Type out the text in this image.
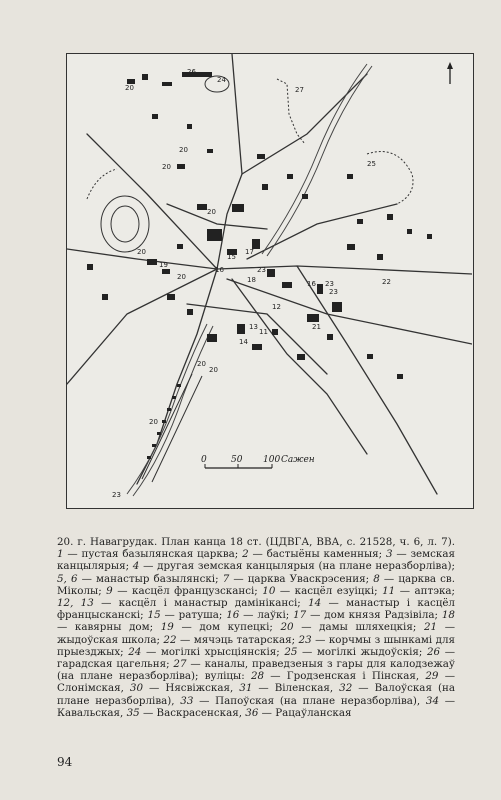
0	50 100 Сажен
26
24
20
20
20	25
27
20
20
19
20
22
17
15
16	23
18	16 23
23
12
13
11
14
21
20
20
20
23
20. г. Навагрудак. План канца 18 ст. (ЦДВГА, ВВА, с. 21528, ч. 6, л. 7). 1 — пустая базылянская царква; 2 — бастыёны каменныя; 3 — земская канцылярыя; 4 — другая земская канцылярыя (на плане неразборліва); 5, 6 — манастыр базылянскі; 7 — царква Уваскрэсения; 8 — царква св. Міколы; 9 — касцёл французскансі; 10 — касцёл езуіцкі; 11 — аптэка; 12, 13 — касцёл і манастыр дамінікансі; 14 — манастыр і касцёл францысканскі; 15 — ратуша; 16 — лаўкі; 17 — дом князя Радзівіла; 18 — кавярны дом; 19 — дом купецкі; 20 — дамы шляхецкія; 21 — жыдоўская школа; 22 — мячэць татарская; 23 — корчмы з шынкамі для прыезджых; 24 — могілкі хрысціянскія; 25 — могілкі жыдоўскія; 26 — гарадская цагельня; 27 — каналы, праведзеныя з гары для калодзежаў (на плане неразборліва); вуліцы: 28 — Гродзенская і Пінская, 29 — Слонімская, 30 — Нясвіжская, 31 — Віленская, 32 — Валоўская (на плане неразборліва), 33 — Папоўская (на плане неразборліва), 34 — Кавальская, 35 — Васкрасенская, 36 — Рацаўланская
94
